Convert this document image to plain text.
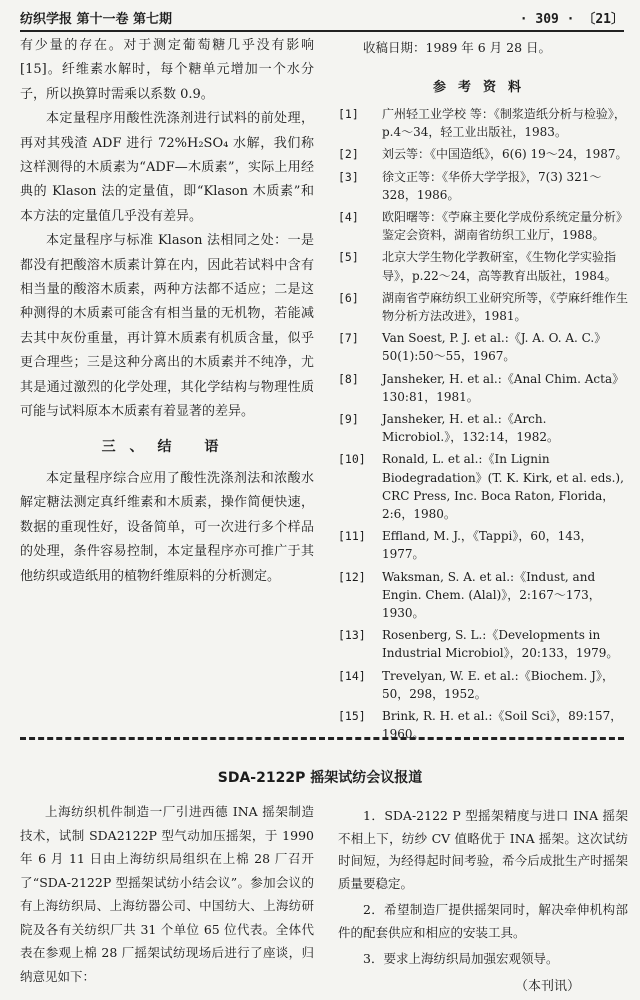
纺织学报 第十一卷 第七期	· 309 · 〔21〕

有少量的存在。对于测定葡萄糖几乎没有影响[15]。纤维素水解时，每个糖单元增加一个水分子，所以换算时需乘以系数 0.9。

本定量程序用酸性洗涤剂进行试料的前处理，再对其残渣 ADF 进行 72%H₂SO₄ 水解，我们称这样测得的木质素为“ADF—木质素”，实际上用经典的 Klason 法的定量值，即“Klason 木质素”和本方法的定量值几乎没有差异。

本定量程序与标准 Klason 法相同之处：一是都没有把酸溶木质素计算在内，因此若试料中含有相当量的酸溶木质素，两种方法都不适应；二是这种测得的木质素可能含有相当量的无机物，若能减去其中灰份重量，再计算木质素有机质含量，似乎更合理些；三是这种分离出的木质素并不纯净，尤其是通过激烈的化学处理，其化学结构与物理性质可能与试料原本木质素有着显著的差异。

三、结 语

本定量程序综合应用了酸性洗涤剂法和浓酸水解定糖法测定真纤维素和木质素，操作简便快速，数据的重现性好，设备简单，可一次进行多个样品的处理，条件容易控制，本定量程序亦可推广于其他纺织或造纸用的植物纤维原料的分析测定。

收稿日期：1989 年 6 月 28 日。
参考资料
[1]	广州轻工业学校 等：《制浆造纸分析与检验》，p.4～34，轻工业出版社，1983。
[2]	刘云等：《中国造纸》，6(6) 19～24，1987。
[3]	徐文正等：《华侨大学学报》，7(3) 321～328，1986。
[4]	欧阳曙等：《苧麻主要化学成份系统定量分析》鉴定会资料，湖南省纺织工业厅，1988。
[5]	北京大学生物化学教研室，《生物化学实验指导》，p.22～24，高等教育出版社，1984。
[6]	湖南省苧麻纺织工业研究所等，《苧麻纤维作生物分析方法改进》，1981。
[7]	Van Soest, P. J. et al.:《J. A. O. A. C.》50(1):50～55，1967。
[8]	Jansheker, H. et al.:《Anal Chim. Acta》130:81，1981。
[9]	Jansheker, H. et al.:《Arch. Microbiol.》，132:14，1982。
[10]	Ronald, L. et al.:《In Lignin Biodegradation》(T. K. Kirk, et al. eds.), CRC Press, Inc. Boca Raton, Florida，2:6，1980。
[11]	Effland, M. J.，《Tappi》，60，143，1977。
[12]	Waksman, S. A. et al.:《Indust, and Engin. Chem. (Alal)》，2:167～173，1930。
[13]	Rosenberg, S. L.:《Developments in Industrial Microbiol》，20:133，1979。
[14]	Trevelyan, W. E. et al.:《Biochem. J》，50，298，1952。
[15]	Brink, R. H. et al.:《Soil Sci》，89:157，1960。
SDA-2122P 摇架试纺会议报道

上海纺织机件制造一厂引进西德 INA 摇架制造技术，试制 SDA2122P 型气动加压摇架，于 1990 年 6 月 11 日由上海纺织局组织在上棉 28 厂召开了“SDA-2122P 型摇架试纺小结会议”。参加会议的有上海纺织局、上海纺器公司、中国纺大、上海纺研院及各有关纺织厂共 31 个单位 65 位代表。全体代表在参观上棉 28 厂摇架试纺现场后进行了座谈，归纳意见如下：

1．SDA-2122 P 型摇架精度与进口 INA 摇架不相上下，纺纱 CV 值略优于 INA 摇架。这次试纺时间短，为经得起时间考验，希今后成批生产时摇架质量要稳定。

2．希望制造厂提供摇架同时，解决牵伸机构部件的配套供应和相应的安装工具。

3．要求上海纺织局加强宏观领导。

（本刊讯）
